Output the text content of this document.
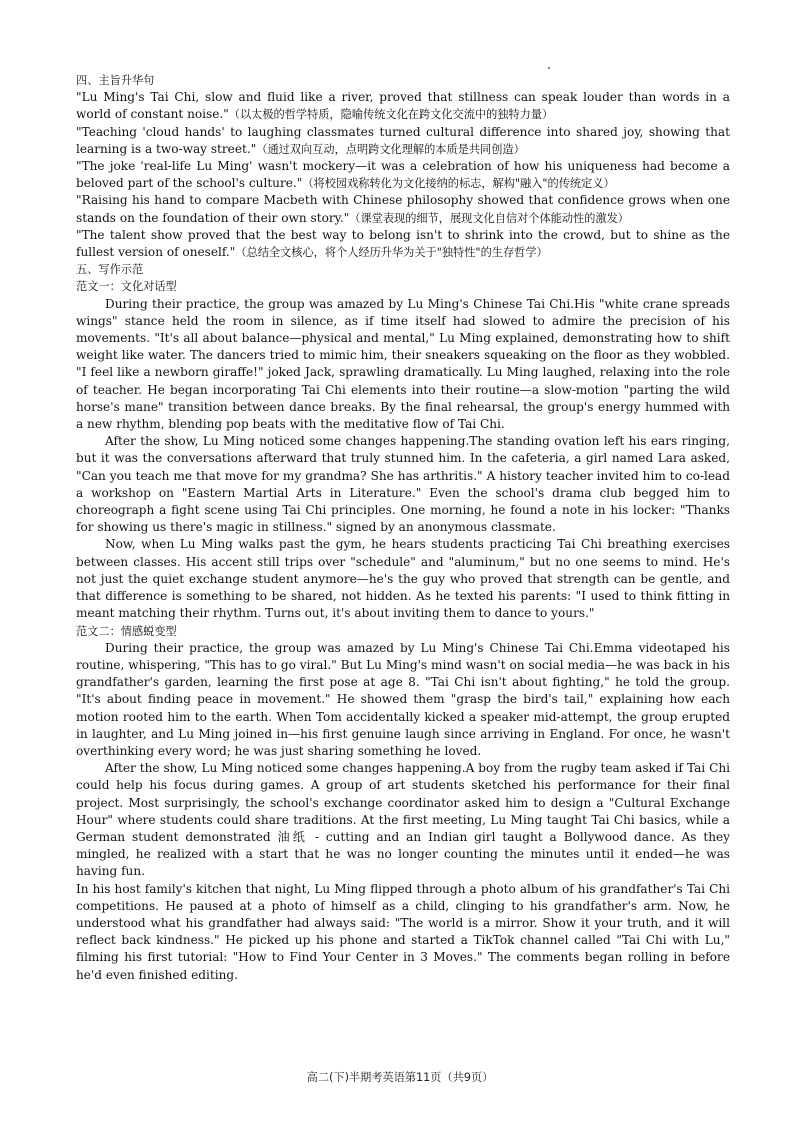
四、主旨升华句

"Lu Ming's Tai Chi, slow and fluid like a river, proved that stillness can speak louder than words in a world of constant noise."（以太极的哲学特质，隐喻传统文化在跨文化交流中的独特力量）

"Teaching 'cloud hands' to laughing classmates turned cultural difference into shared joy, showing that learning is a two-way street."（通过双向互动，点明跨文化理解的本质是共同创造）

"The joke 'real-life Lu Ming' wasn't mockery—it was a celebration of how his uniqueness had become a beloved part of the school's culture."（将校园戏称转化为文化接纳的标志，解构"融入"的传统定义）

"Raising his hand to compare Macbeth with Chinese philosophy showed that confidence grows when one stands on the foundation of their own story."（课堂表现的细节，展现文化自信对个体能动性的激发）

"The talent show proved that the best way to belong isn't to shrink into the crowd, but to shine as the fullest version of oneself."（总结全文核心，将个人经历升华为关于"独特性"的生存哲学）

五、写作示范

范文一：文化对话型

During their practice, the group was amazed by Lu Ming's Chinese Tai Chi.His "white crane spreads wings" stance held the room in silence, as if time itself had slowed to admire the precision of his movements. "It's all about balance—physical and mental," Lu Ming explained, demonstrating how to shift weight like water. The dancers tried to mimic him, their sneakers squeaking on the floor as they wobbled. "I feel like a newborn giraffe!" joked Jack, sprawling dramatically. Lu Ming laughed, relaxing into the role of teacher. He began incorporating Tai Chi elements into their routine—a slow-motion "parting the wild horse's mane" transition between dance breaks. By the final rehearsal, the group's energy hummed with a new rhythm, blending pop beats with the meditative flow of Tai Chi.

After the show, Lu Ming noticed some changes happening.The standing ovation left his ears ringing, but it was the conversations afterward that truly stunned him. In the cafeteria, a girl named Lara asked, "Can you teach me that move for my grandma? She has arthritis." A history teacher invited him to co-lead a workshop on "Eastern Martial Arts in Literature." Even the school's drama club begged him to choreograph a fight scene using Tai Chi principles. One morning, he found a note in his locker: "Thanks for showing us there's magic in stillness." signed by an anonymous classmate.

Now, when Lu Ming walks past the gym, he hears students practicing Tai Chi breathing exercises between classes. His accent still trips over "schedule" and "aluminum," but no one seems to mind. He's not just the quiet exchange student anymore—he's the guy who proved that strength can be gentle, and that difference is something to be shared, not hidden. As he texted his parents: "I used to think fitting in meant matching their rhythm. Turns out, it's about inviting them to dance to yours."

范文二：情感蜕变型

During their practice, the group was amazed by Lu Ming's Chinese Tai Chi.Emma videotaped his routine, whispering, "This has to go viral." But Lu Ming's mind wasn't on social media—he was back in his grandfather's garden, learning the first pose at age 8. "Tai Chi isn't about fighting," he told the group. "It's about finding peace in movement." He showed them "grasp the bird's tail," explaining how each motion rooted him to the earth. When Tom accidentally kicked a speaker mid-attempt, the group erupted in laughter, and Lu Ming joined in—his first genuine laugh since arriving in England. For once, he wasn't overthinking every word; he was just sharing something he loved.

After the show, Lu Ming noticed some changes happening.A boy from the rugby team asked if Tai Chi could help his focus during games. A group of art students sketched his performance for their final project. Most surprisingly, the school's exchange coordinator asked him to design a "Cultural Exchange Hour" where students could share traditions. At the first meeting, Lu Ming taught Tai Chi basics, while a German student demonstrated 油纸 - cutting and an Indian girl taught a Bollywood dance. As they mingled, he realized with a start that he was no longer counting the minutes until it ended—he was having fun.

In his host family's kitchen that night, Lu Ming flipped through a photo album of his grandfather's Tai Chi competitions. He paused at a photo of himself as a child, clinging to his grandfather's arm. Now, he understood what his grandfather had always said: "The world is a mirror. Show it your truth, and it will reflect back kindness." He picked up his phone and started a TikTok channel called "Tai Chi with Lu," filming his first tutorial: "How to Find Your Center in 3 Moves." The comments began rolling in before he'd even finished editing.

高二(下)半期考英语第11页（共9页）
